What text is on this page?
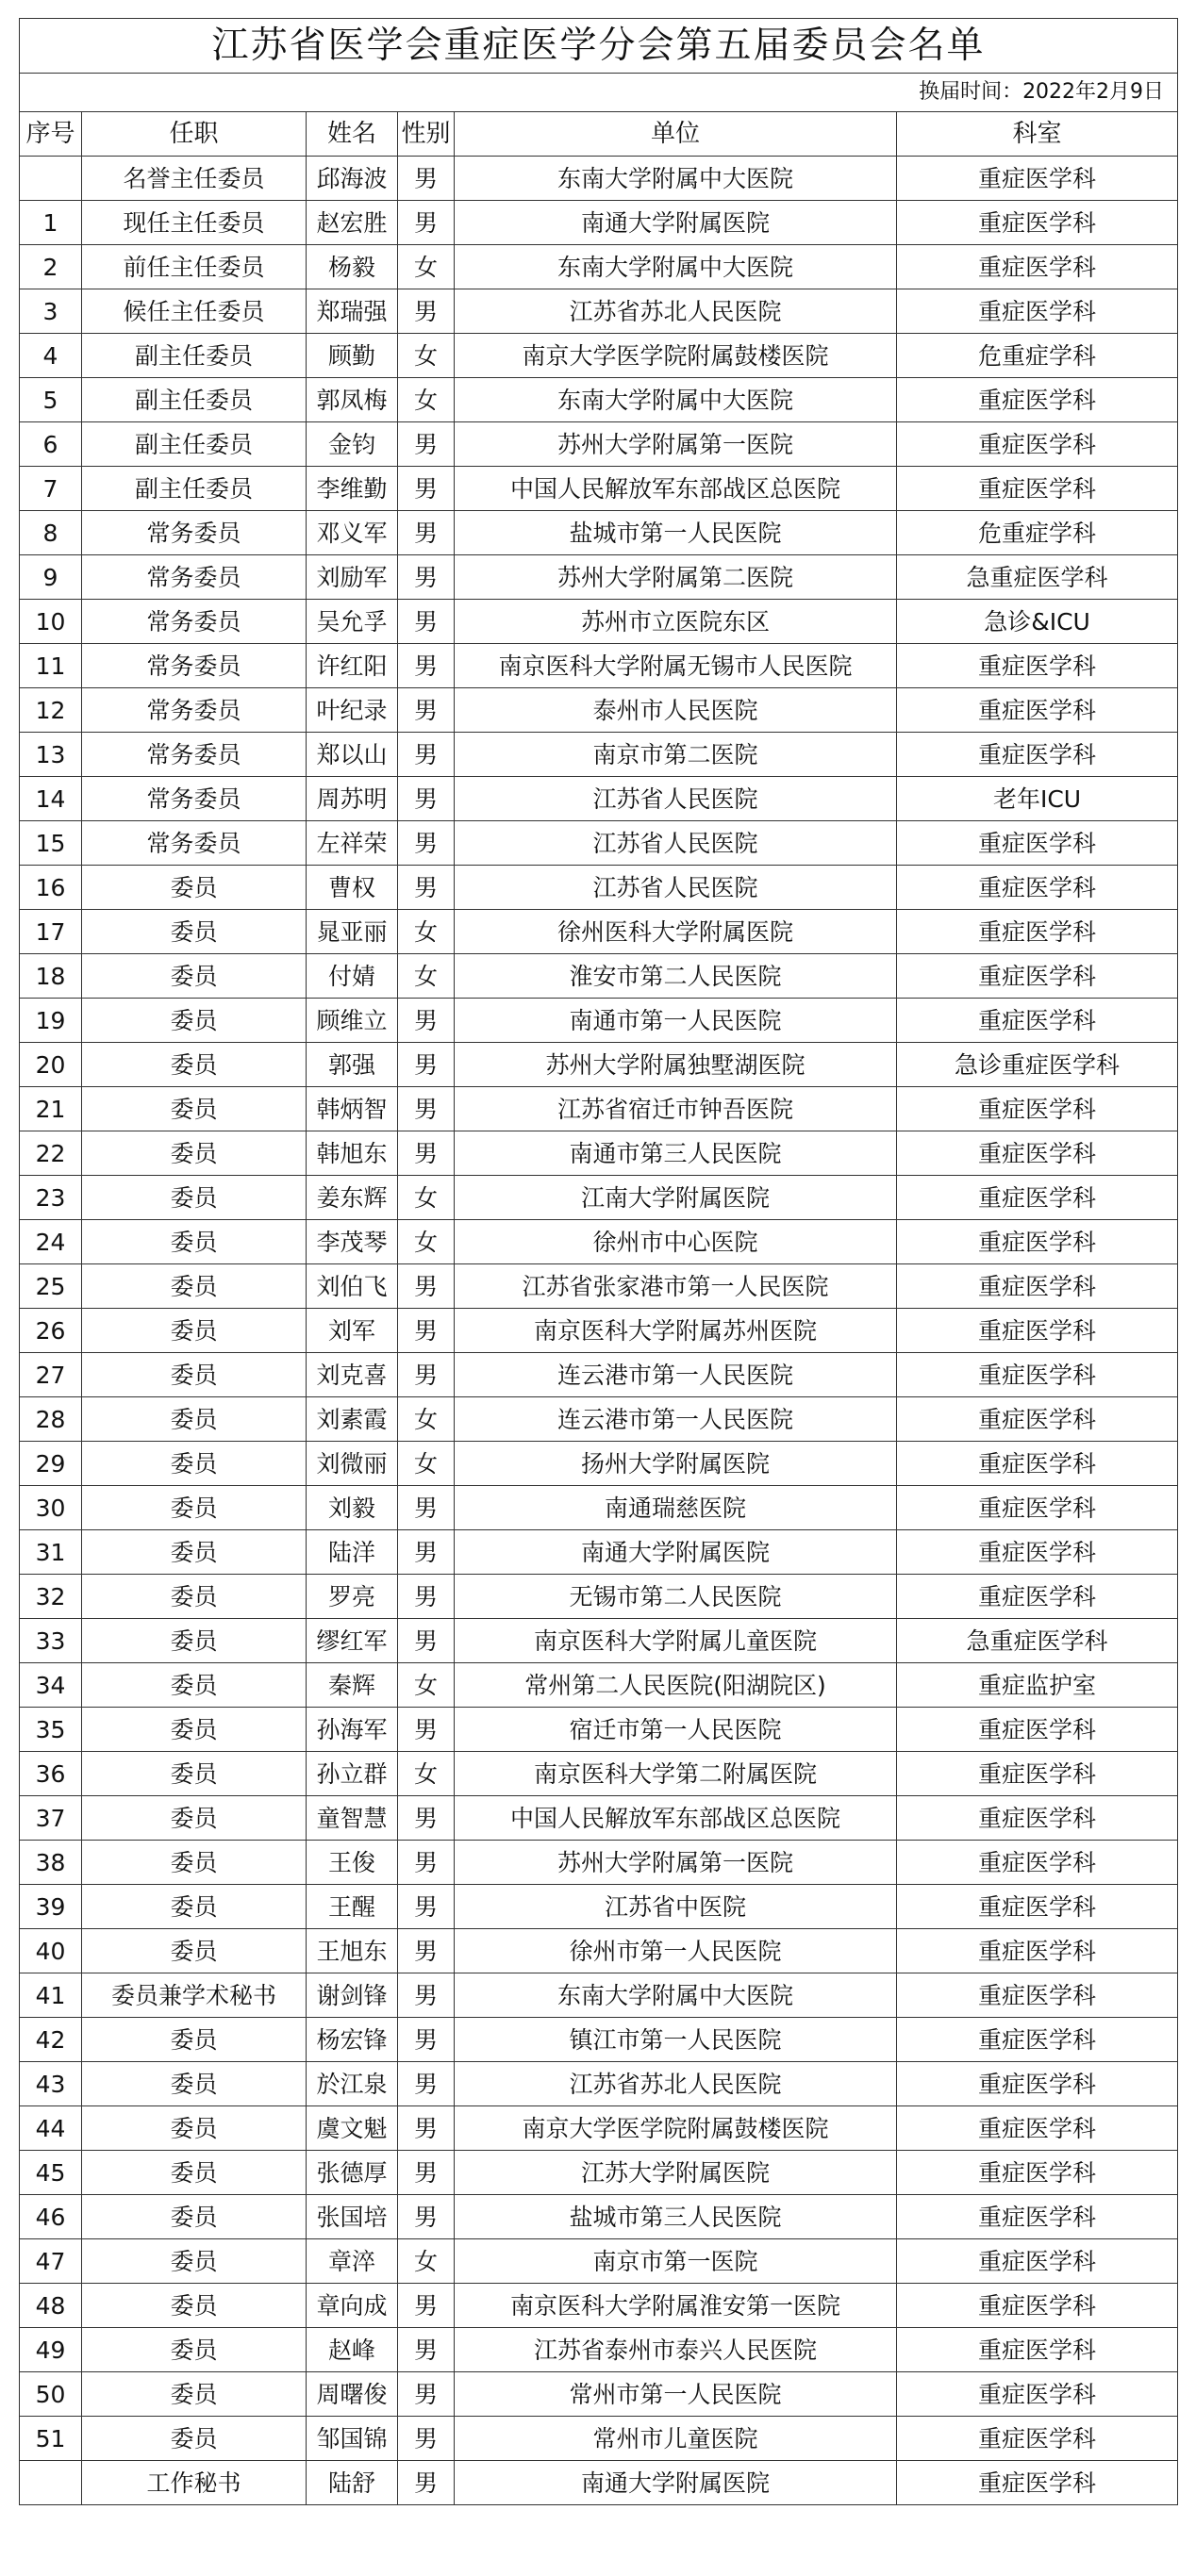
江苏省医学会重症医学分会第五届委员会名单					
换届时间：2022年2月9日					
序号	任职	姓名	性别	单位	科室
	名誉主任委员	邱海波	男	东南大学附属中大医院	重症医学科
1	现任主任委员	赵宏胜	男	南通大学附属医院	重症医学科
2	前任主任委员	杨毅	女	东南大学附属中大医院	重症医学科
3	候任主任委员	郑瑞强	男	江苏省苏北人民医院	重症医学科
4	副主任委员	顾勤	女	南京大学医学院附属鼓楼医院	危重症学科
5	副主任委员	郭凤梅	女	东南大学附属中大医院	重症医学科
6	副主任委员	金钧	男	苏州大学附属第一医院	重症医学科
7	副主任委员	李维勤	男	中国人民解放军东部战区总医院	重症医学科
8	常务委员	邓义军	男	盐城市第一人民医院	危重症学科
9	常务委员	刘励军	男	苏州大学附属第二医院	急重症医学科
10	常务委员	吴允孚	男	苏州市立医院东区	急诊&ICU
11	常务委员	许红阳	男	南京医科大学附属无锡市人民医院	重症医学科
12	常务委员	叶纪录	男	泰州市人民医院	重症医学科
13	常务委员	郑以山	男	南京市第二医院	重症医学科
14	常务委员	周苏明	男	江苏省人民医院	老年ICU
15	常务委员	左祥荣	男	江苏省人民医院	重症医学科
16	委员	曹权	男	江苏省人民医院	重症医学科
17	委员	晁亚丽	女	徐州医科大学附属医院	重症医学科
18	委员	付婧	女	淮安市第二人民医院	重症医学科
19	委员	顾维立	男	南通市第一人民医院	重症医学科
20	委员	郭强	男	苏州大学附属独墅湖医院	急诊重症医学科
21	委员	韩炳智	男	江苏省宿迁市钟吾医院	重症医学科
22	委员	韩旭东	男	南通市第三人民医院	重症医学科
23	委员	姜东辉	女	江南大学附属医院	重症医学科
24	委员	李茂琴	女	徐州市中心医院	重症医学科
25	委员	刘伯飞	男	江苏省张家港市第一人民医院	重症医学科
26	委员	刘军	男	南京医科大学附属苏州医院	重症医学科
27	委员	刘克喜	男	连云港市第一人民医院	重症医学科
28	委员	刘素霞	女	连云港市第一人民医院	重症医学科
29	委员	刘微丽	女	扬州大学附属医院	重症医学科
30	委员	刘毅	男	南通瑞慈医院	重症医学科
31	委员	陆洋	男	南通大学附属医院	重症医学科
32	委员	罗亮	男	无锡市第二人民医院	重症医学科
33	委员	缪红军	男	南京医科大学附属儿童医院	急重症医学科
34	委员	秦辉	女	常州第二人民医院(阳湖院区)	重症监护室
35	委员	孙海军	男	宿迁市第一人民医院	重症医学科
36	委员	孙立群	女	南京医科大学第二附属医院	重症医学科
37	委员	童智慧	男	中国人民解放军东部战区总医院	重症医学科
38	委员	王俊	男	苏州大学附属第一医院	重症医学科
39	委员	王醒	男	江苏省中医院	重症医学科
40	委员	王旭东	男	徐州市第一人民医院	重症医学科
41	委员兼学术秘书	谢剑锋	男	东南大学附属中大医院	重症医学科
42	委员	杨宏锋	男	镇江市第一人民医院	重症医学科
43	委员	於江泉	男	江苏省苏北人民医院	重症医学科
44	委员	虞文魁	男	南京大学医学院附属鼓楼医院	重症医学科
45	委员	张德厚	男	江苏大学附属医院	重症医学科
46	委员	张国培	男	盐城市第三人民医院	重症医学科
47	委员	章淬	女	南京市第一医院	重症医学科
48	委员	章向成	男	南京医科大学附属淮安第一医院	重症医学科
49	委员	赵峰	男	江苏省泰州市泰兴人民医院	重症医学科
50	委员	周曙俊	男	常州市第一人民医院	重症医学科
51	委员	邹国锦	男	常州市儿童医院	重症医学科
	工作秘书	陆舒	男	南通大学附属医院	重症医学科
